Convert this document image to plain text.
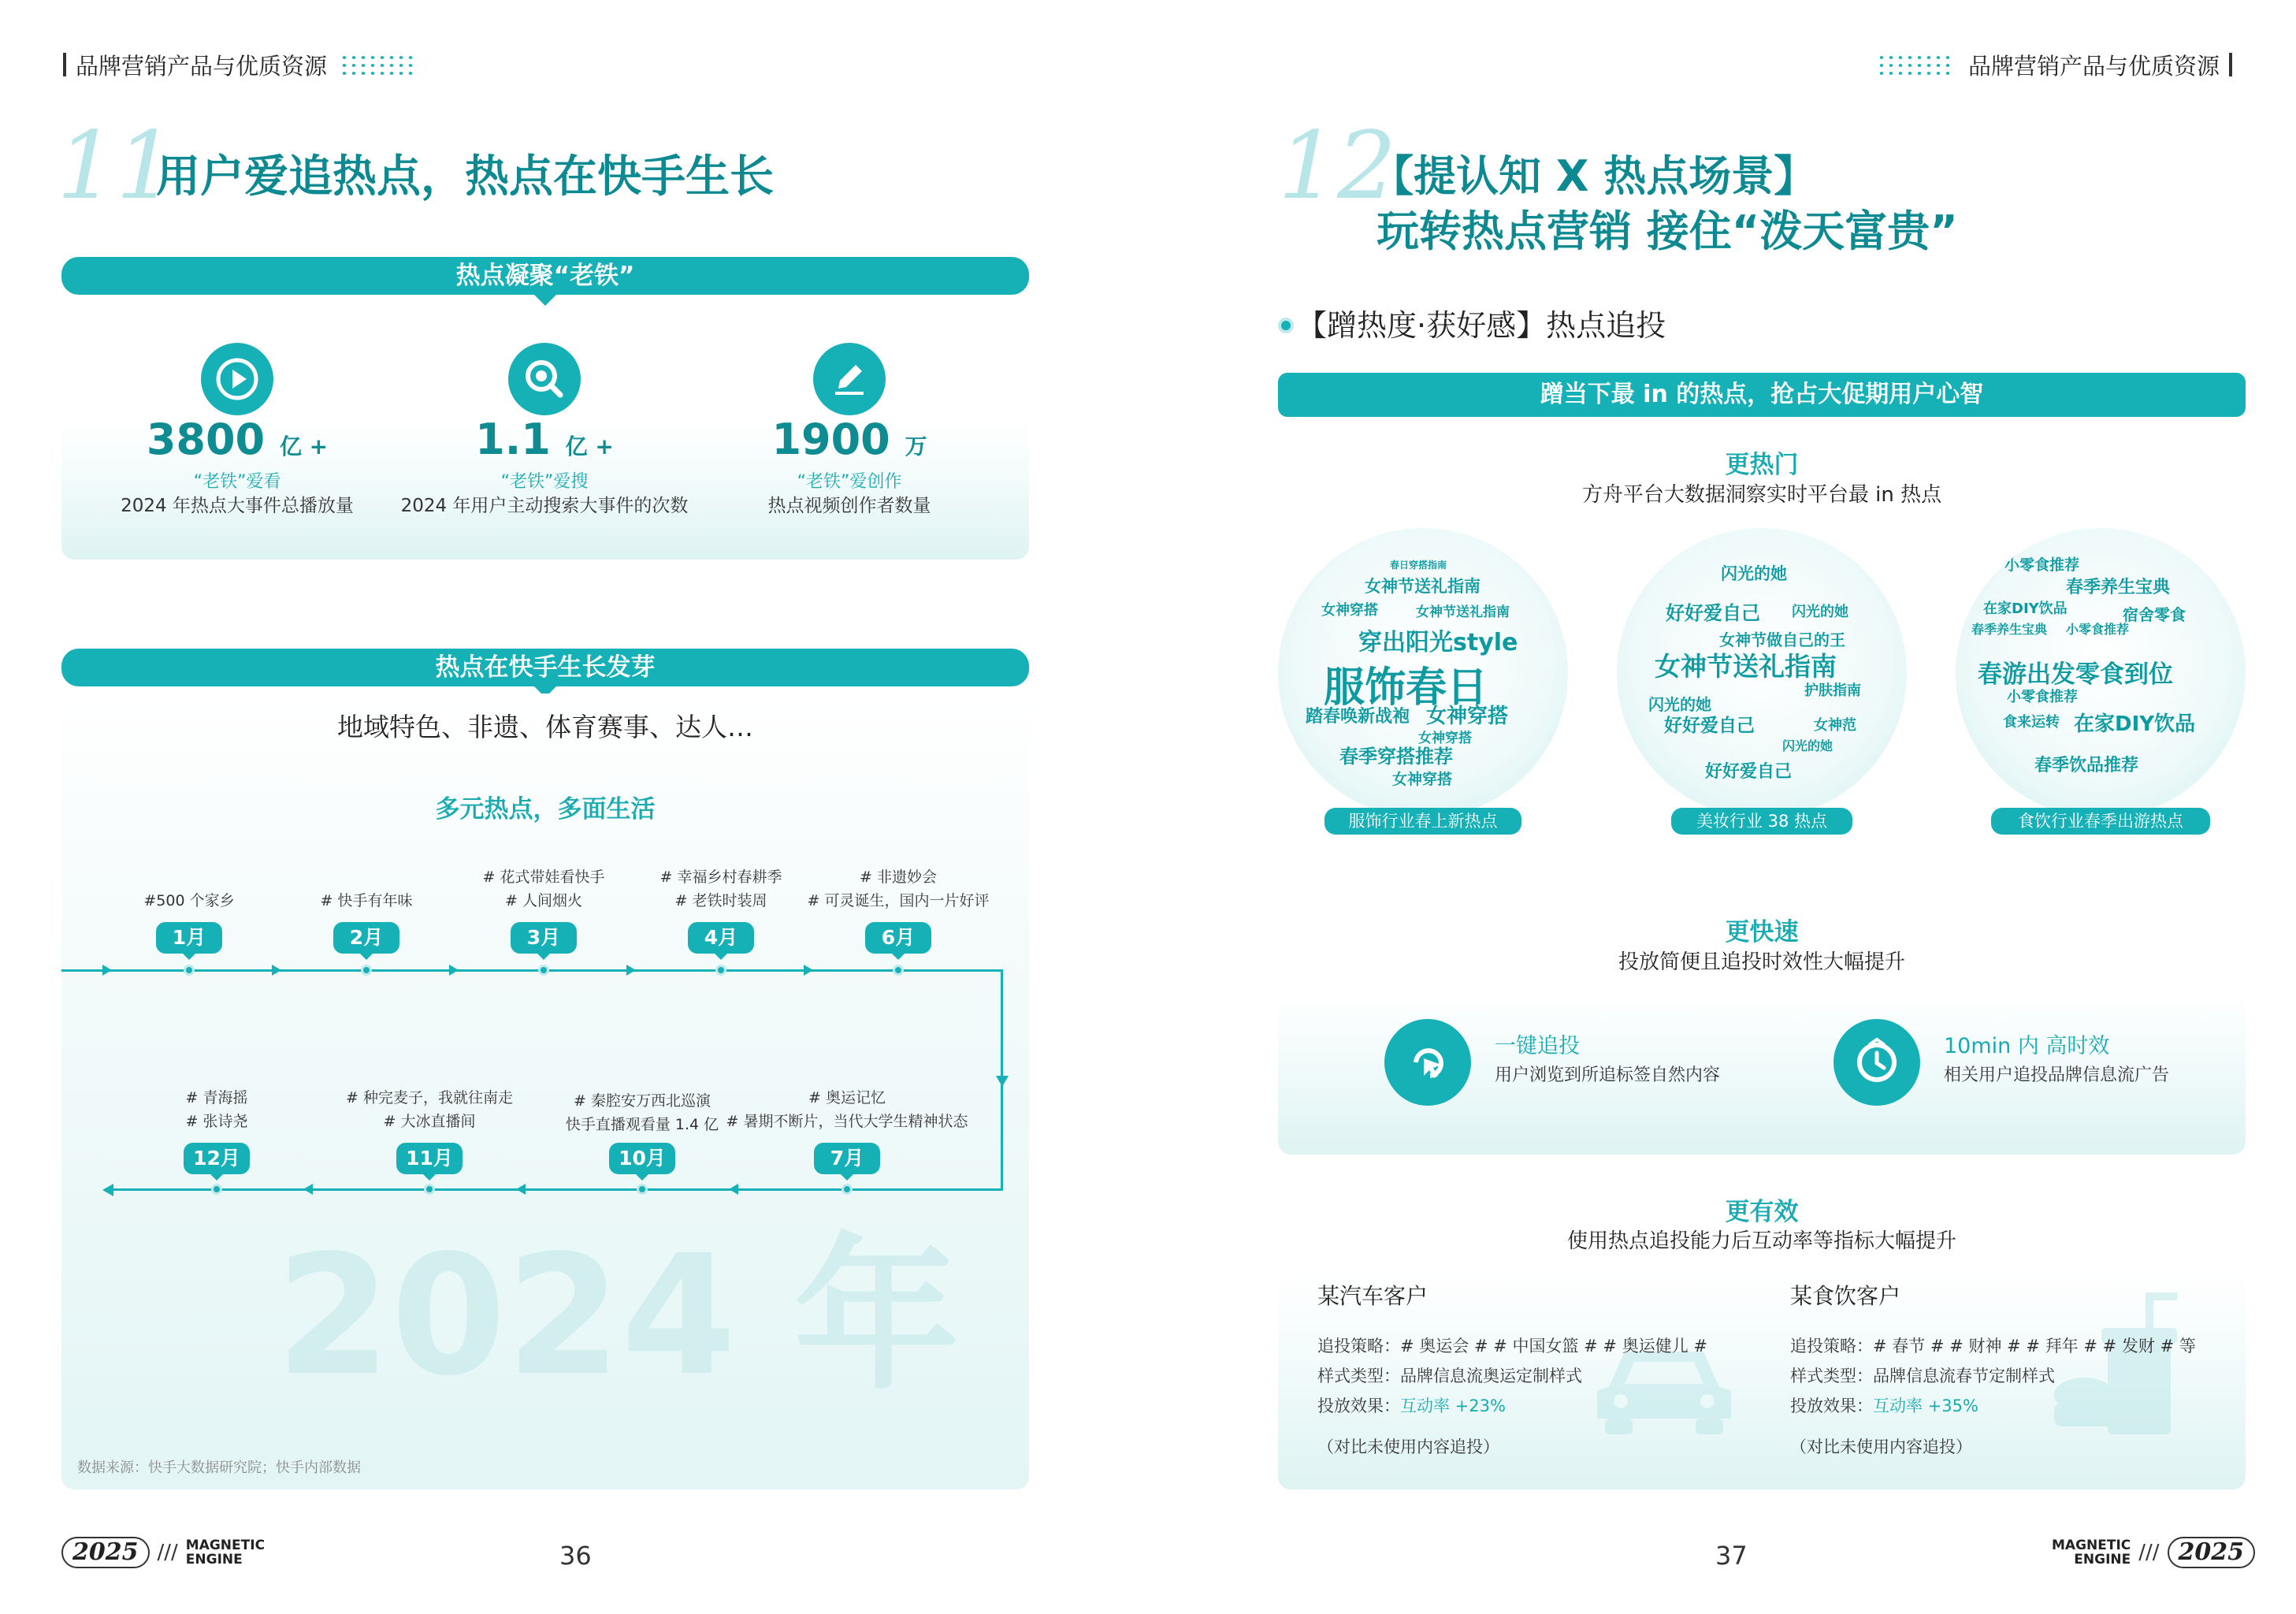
品牌营销产品与优质资源
11
用户爱追热点，热点在快手生长
热点凝聚“老铁”
3800 亿 +
“老铁”爱看
2024 年热点大事件总播放量
1.1 亿 +
“老铁”爱搜
2024 年用户主动搜索大事件的次数
1900 万
“老铁”爱创作
热点视频创作者数量
热点在快手生长发芽
地域特色、非遗、体育赛事、达人…
多元热点，多面生活
2024 年
#500 个家乡
1月
# 快手有年味
2月
# 花式带娃看快手
# 人间烟火
3月
# 幸福乡村春耕季
# 老铁时装周
4月
# 非遗妙会
# 可灵诞生，国内一片好评
6月
# 青海摇
# 张诗尧
12月
# 种完麦子，我就往南走
# 大冰直播间
11月
# 秦腔安万西北巡演
快手直播观看量 1.4 亿
10月
# 奥运记忆
# 暑期不断片，当代大学生精神状态
7月
数据来源：快手大数据研究院；快手内部数据
2025 /// MAGNETIC
ENGINE	36
品牌营销产品与优质资源
12
【提认知 X 热点场景】
玩转热点营销 接住“泼天富贵”
【蹭热度·获好感】热点追投
蹭当下最 in 的热点，抢占大促期用户心智
更热门
方舟平台大数据洞察实时平台最 in 热点
春日穿搭指南
女神节送礼指南
女神穿搭	女神节送礼指南
穿出阳光style
服饰春日
踏春唤新战袍 女神穿搭
女神穿搭
春季穿搭推荐
女神穿搭
服饰行业春上新热点
闪光的她
好好爱自己 闪光的她
女神节送礼指南
女神节做自己的王
护肤指南
闪光的她
好好爱自己	女神范
闪光的她
好好爱自己
美妆行业 38 热点
小零食推荐
春季养生宝典
在家DIY饮品	宿舍零食
春季养生宝典 小零食推荐
春游出发零食到位
小零食推荐
食来运转 在家DIY饮品
春季饮品推荐
食饮行业春季出游热点
更快速
投放简便且追投时效性大幅提升
一键追投
用户浏览到所追标签自然内容
10min 内 高时效
相关用户追投品牌信息流广告
更有效
使用热点追投能力后互动率等指标大幅提升
某汽车客户
追投策略：# 奥运会 # # 中国女篮 # # 奥运健儿 #
样式类型：品牌信息流奥运定制样式
投放效果：互动率 +23%
（对比未使用内容追投）
某食饮客户
追投策略：# 春节 # # 财神 # # 拜年 # # 发财 # 等
样式类型：品牌信息流春节定制样式
投放效果：互动率 +35%
（对比未使用内容追投）
37	MAGNETIC
ENGINE /// 2025
